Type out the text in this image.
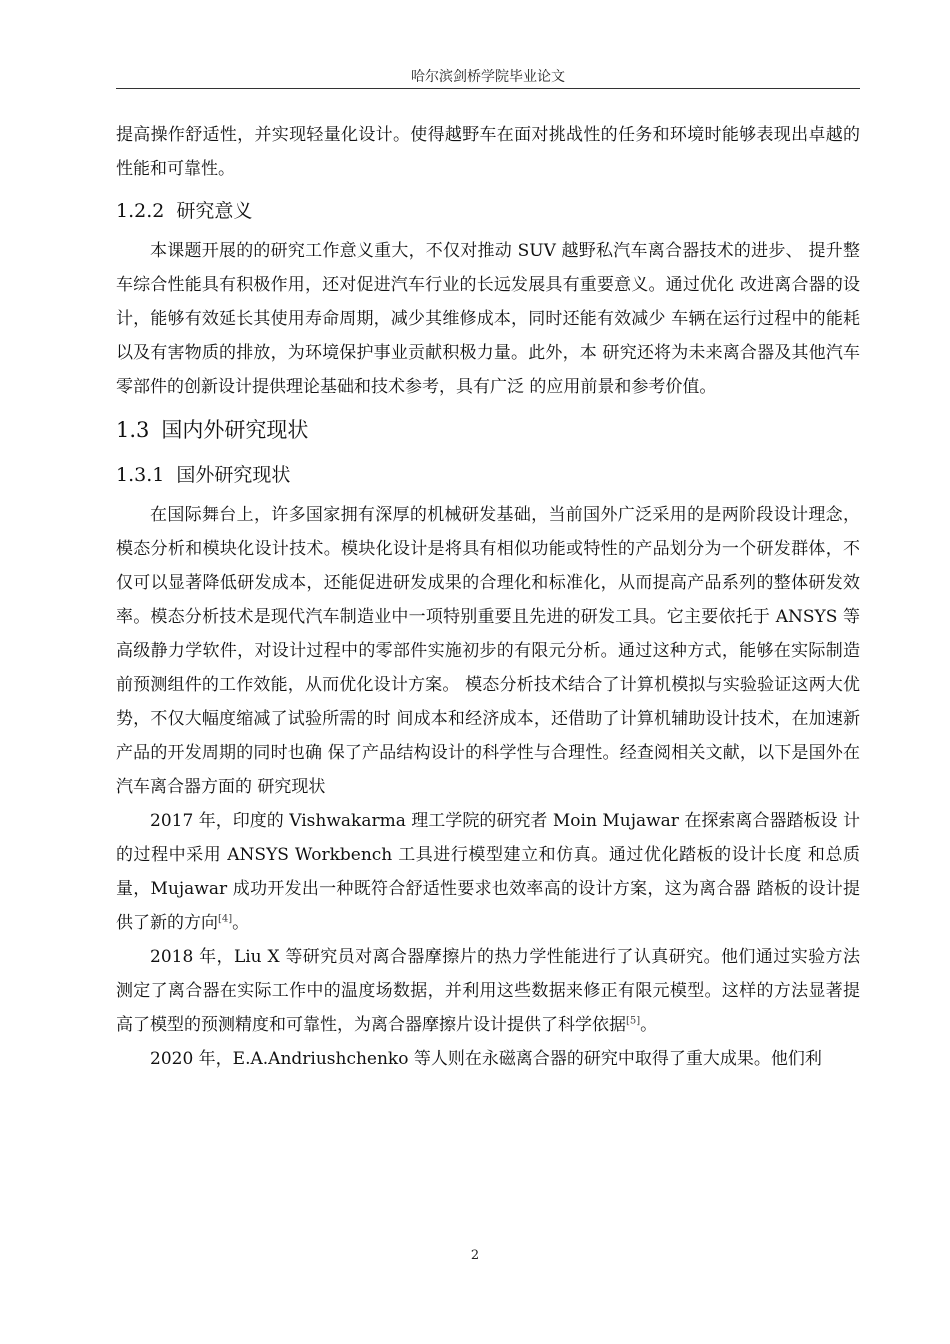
哈尔滨剑桥学院毕业论文

提高操作舒适性，并实现轻量化设计。使得越野车在面对挑战性的任务和环境时能够表现出卓越的性能和可靠性。

1.2.2 研究意义

本课题开展的的研究工作意义重大，不仅对推动 SUV 越野私汽车离合器技术的进步、 提升整车综合性能具有积极作用，还对促进汽车行业的长远发展具有重要意义。通过优化 改进离合器的设计，能够有效延长其使用寿命周期，减少其维修成本，同时还能有效减少 车辆在运行过程中的能耗以及有害物质的排放，为环境保护事业贡献积极力量。此外，本 研究还将为未来离合器及其他汽车零部件的创新设计提供理论基础和技术参考，具有广泛 的应用前景和参考价值。

1.3 国内外研究现状
1.3.1 国外研究现状

在国际舞台上，许多国家拥有深厚的机械研发基础，当前国外广泛采用的是两阶段设计理念，模态分析和模块化设计技术。模块化设计是将具有相似功能或特性的产品划分为一个研发群体，不仅可以显著降低研发成本，还能促进研发成果的合理化和标准化，从而提高产品系列的整体研发效率。模态分析技术是现代汽车制造业中一项特别重要且先进的研发工具。它主要依托于 ANSYS 等高级静力学软件，对设计过程中的零部件实施初步的有限元分析。通过这种方式，能够在实际制造前预测组件的工作效能，从而优化设计方案。 模态分析技术结合了计算机模拟与实验验证这两大优势，不仅大幅度缩减了试验所需的时 间成本和经济成本，还借助了计算机辅助设计技术，在加速新产品的开发周期的同时也确 保了产品结构设计的科学性与合理性。经查阅相关文献，以下是国外在汽车离合器方面的 研究现状

2017 年，印度的 Vishwakarma 理工学院的研究者 Moin Mujawar 在探索离合器踏板设 计的过程中采用 ANSYS Workbench 工具进行模型建立和仿真。通过优化踏板的设计长度 和总质量，Mujawar 成功开发出一种既符合舒适性要求也效率高的设计方案，这为离合器 踏板的设计提供了新的方向[4]。

2018 年，Liu X 等研究员对离合器摩擦片的热力学性能进行了认真研究。他们通过实验方法测定了离合器在实际工作中的温度场数据，并利用这些数据来修正有限元模型。这样的方法显著提高了模型的预测精度和可靠性，为离合器摩擦片设计提供了科学依据[5]。

2020 年，E.A.Andriushchenko 等人则在永磁离合器的研究中取得了重大成果。他们利

2
